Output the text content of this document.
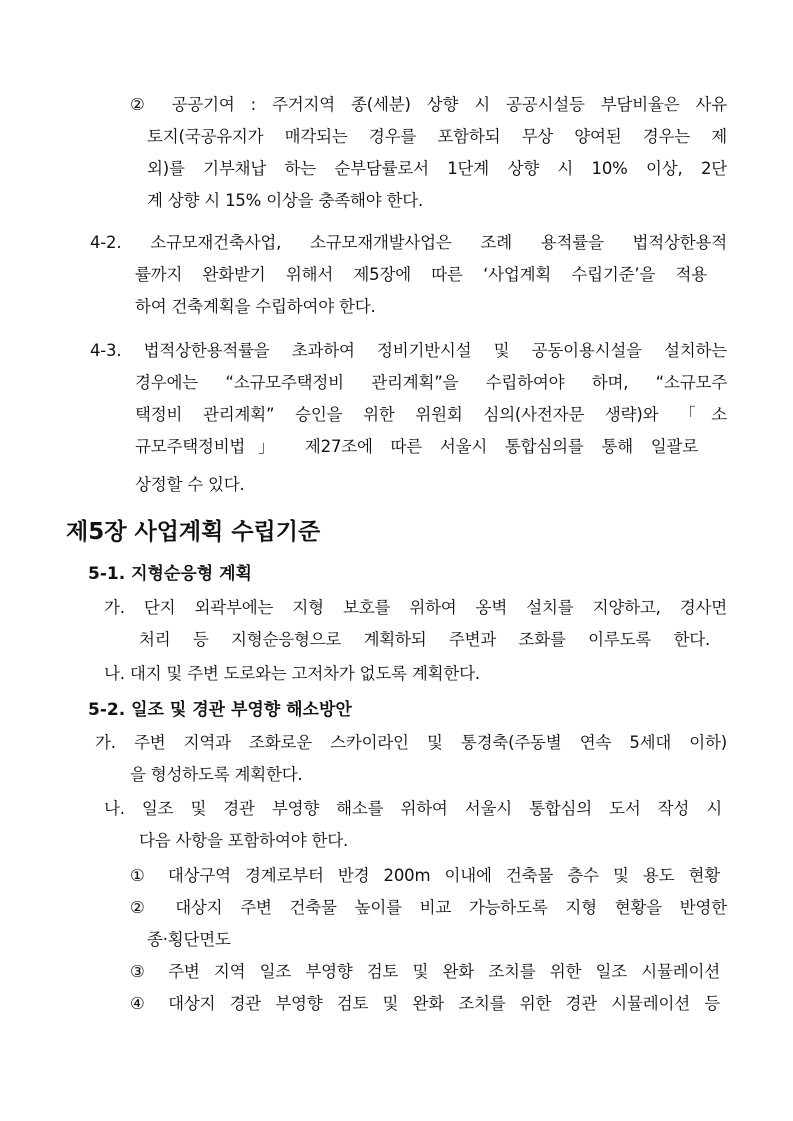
② 공공기여 : 주거지역 종(세분) 상향 시 공공시설등 부담비율은 사유
토지(국공유지가 매각되는 경우를 포함하되 무상 양여된 경우는 제
외)를 기부채납 하는 순부담률로서 1단계 상향 시 10% 이상, 2단
계 상향 시 15% 이상을 충족해야 한다.
4-2. 소규모재건축사업, 소규모재개발사업은 조례 용적률을 법적상한용적
률까지 완화받기 위해서 제5장에 따른 ‘사업계획 수립기준’을 적용
하여 건축계획을 수립하여야 한다.
4-3. 법적상한용적률을 초과하여 정비기반시설 및 공동이용시설을 설치하는
경우에는 “소규모주택정비 관리계획”을 수립하여야 하며, “소규모주
택정비 관리계획” 승인을 위한 위원회 심의(사전자문 생략)와 「소
규모주택정비법」 제27조에 따른 서울시 통합심의를 통해 일괄로
상정할 수 있다.
제5장 사업계획 수립기준
5-1. 지형순응형 계획
가. 단지 외곽부에는 지형 보호를 위하여 옹벽 설치를 지양하고, 경사면
처리 등 지형순응형으로 계획하되 주변과 조화를 이루도록 한다.
나. 대지 및 주변 도로와는 고저차가 없도록 계획한다.
5-2. 일조 및 경관 부영향 해소방안
가. 주변 지역과 조화로운 스카이라인 및 통경축(주동별 연속 5세대 이하)
을 형성하도록 계획한다.
나. 일조 및 경관 부영향 해소를 위하여 서울시 통합심의 도서 작성 시
다음 사항을 포함하여야 한다.
① 대상구역 경계로부터 반경 200m 이내에 건축물 층수 및 용도 현황
② 대상지 주변 건축물 높이를 비교 가능하도록 지형 현황을 반영한
종·횡단면도
③ 주변 지역 일조 부영향 검토 및 완화 조치를 위한 일조 시뮬레이션
④ 대상지 경관 부영향 검토 및 완화 조치를 위한 경관 시뮬레이션 등
